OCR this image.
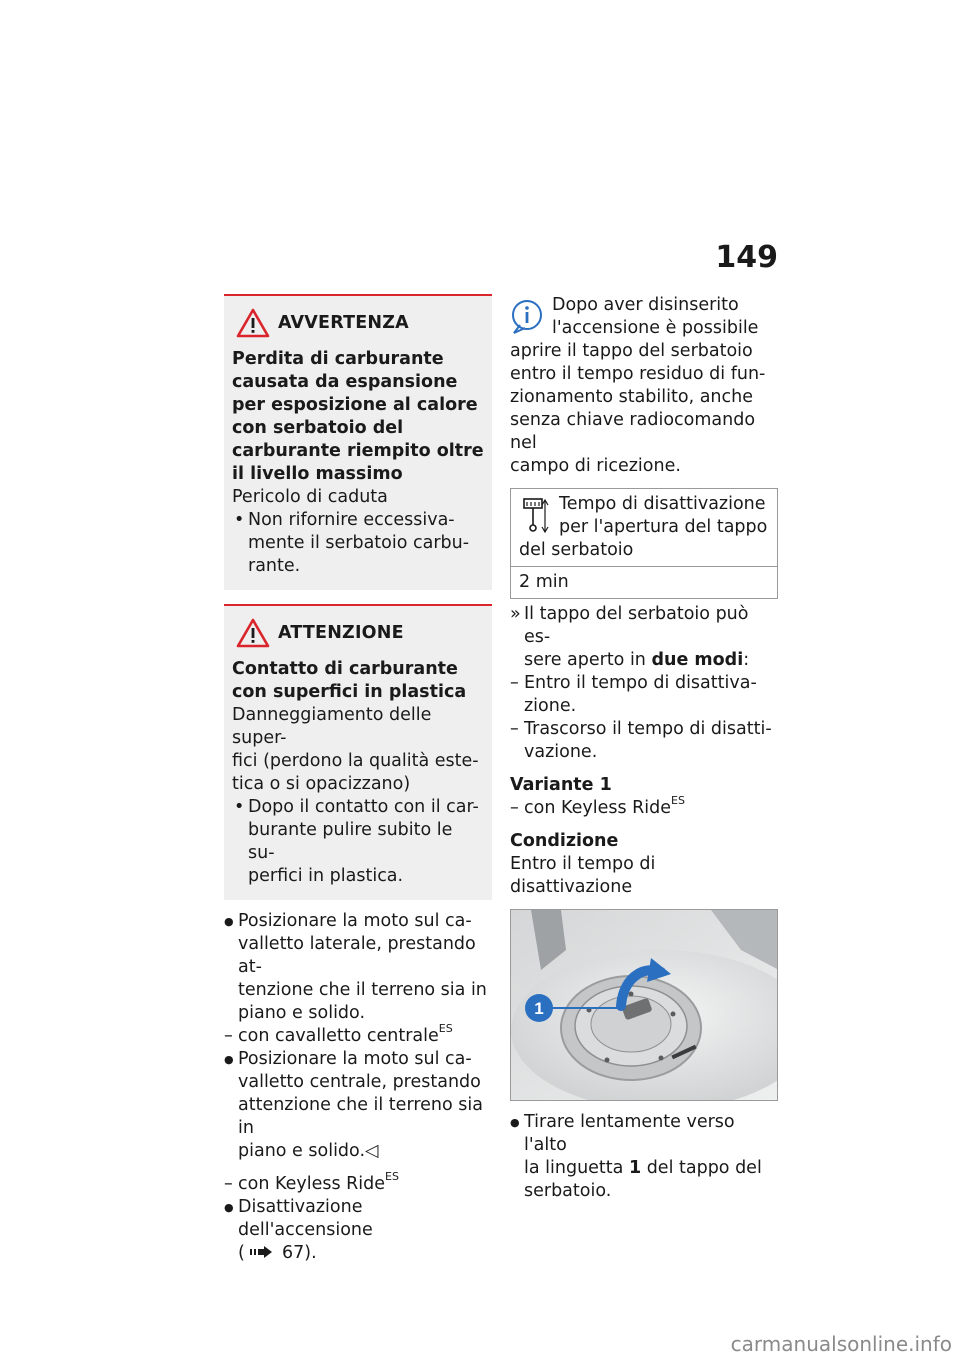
149
AVVERTENZA

Perdita di carburante causata da espansione per esposizione al calore con serbatoio del carburante riempito oltre il livello massimo

Pericolo di caduta

• Non rifornire eccessiva-
mente il serbatoio carbu-
rante.
ATTENZIONE

Contatto di carburante con superfici in plastica

Danneggiamento delle super-
fici (perdono la qualità este-
tica o si opacizzano)
• Dopo il contatto con il car-
burante pulire subito le su-
perfici in plastica.
● Posizionare la moto sul ca-
valletto laterale, prestando at-
tenzione che il terreno sia in
piano e solido.
– con cavalletto centrale$^{ES}$
● Posizionare la moto sul ca-
valletto centrale, prestando
attenzione che il terreno sia in
piano e solido.◁
– con Keyless Ride$^{ES}$
● Disattivazione dell'accensione
( 67).
Dopo aver disinserito
l'accensione è possibile
aprire il tappo del serbatoio
entro il tempo residuo di fun-
zionamento stabilito, anche
senza chiave radiocomando nel
campo di ricezione.
Tempo di disattivazione
per l'apertura del tappo
del serbatoio

2 min
» Il tappo del serbatoio può es-
sere aperto in due modi:
– Entro il tempo di disattiva-
zione.
– Trascorso il tempo di disatti-
vazione.
Variante 1
– con Keyless Ride$^{ES}$
Condizione
Entro il tempo di disattivazione
1
● Tirare lentamente verso l'alto
la linguetta 1 del tappo del
serbatoio.
carmanualsonline.info
